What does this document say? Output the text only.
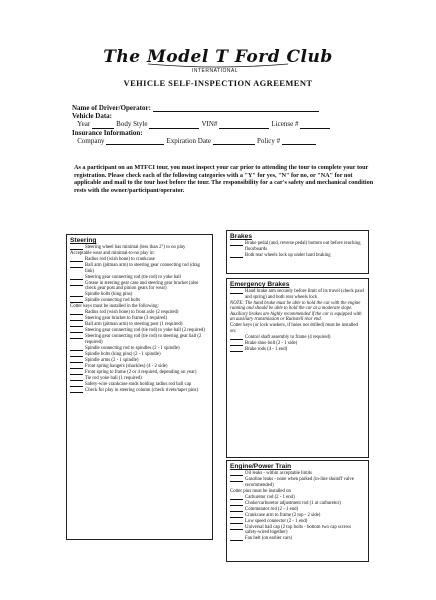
The Model T Ford Club
INTERNATIONAL
VEHICLE SELF-INSPECTION AGREEMENT
Name of Driver/Operator:
Vehicle Data:

Year	Body Style	VIN#	License #
Insurance Information:

Company	Expiration Date	Policy #
As a participant on an MTFCI tour, you must inspect your car prior to attending the tour to complete your tour registration. Please check each of the following categories with a "Y" for yes, "N" for no, or "NA" for not applicable and mail to the tour host before the tour. The responsibility for a car's safety and mechanical condition rests with the owner/participant/operator.
Steering
Steering wheel has minimal (less than 2") to no play
Acceptable wear and minimal-to-no play in:
Radius rod (wish bone) to crankcase
Ball arm (pitman arm) to steering gear connecting rod (drag link)
Steering gear connecting rod (tie rod) to yoke ball
Grease in steering gear case and steering gear bracket (also check gear post and pinion gears for wear)
Spindle bolts (king pins)
Spindle connecting rod bolts
Cotter keys must be installed in the following:
Radius rod (wish bone) to front axle (2 required)
Steering gear bracket to frame (3 required)
Ball arm (pitman arm) to steering post (1 required)
Steering gear connecting rod (tie rod) to yoke ball (2 required)
Steering gear connecting rod (tie rod) to steering gear ball (2 required)
Spindle connecting rod to spindles (2 - 1 spindle)
Spindle bolts (king pins) (2 - 1 spindle)
Spindle arms (2 - 1 spindle)
Front spring hangers (shackles) (4 - 2 side)
Front spring to frame (2 or 4 required, depending on year)
Tie rod yoke ball (1 required)
Safety-wire crankcase studs holding radius rod ball cap
Check for play in steering column (check rivets/taper pins)
Brakes
Brake pedal (and, reverse pedal) bottom out before reaching floorboards
Both rear wheels lock up under hard braking
Emergency Brakes
Hand brake arm securely before limit of its travel (check pawl and spring) and both rear wheels lock
NOTE: The hand brake must be able to hold the car with the engine running and should be able to hold the car at a moderate slope. Auxiliary brakes are highly recommended if the car is equipped with an auxiliary transmission or Ruckstell rear end.
Cotter keys (or lock washers, if holes not drilled) must be installed on:
Control shaft assembly to frame (4 required)
Brake shoe bolt (2 - 1 side)
Brake rods (4 - 1 end)
Engine/Power Train
Oil leaks - within acceptable limits
Gasoline leaks - none when parked (in-line shutoff valve recommended)
Cotter pins must be installed on
Carburetor rod (2 - 1 end)
Choke/carburetor adjustment rod (1 at carburetor)
Commutator rod (2 - 1 end)
Crankcase arm to frame (2 top - 2 side)
Low speed connector (2 - 1 end)
Universal ball cap (2 top bolts - bottom two cap screws safety-wired together)
Fan belt (on earlier cars)
